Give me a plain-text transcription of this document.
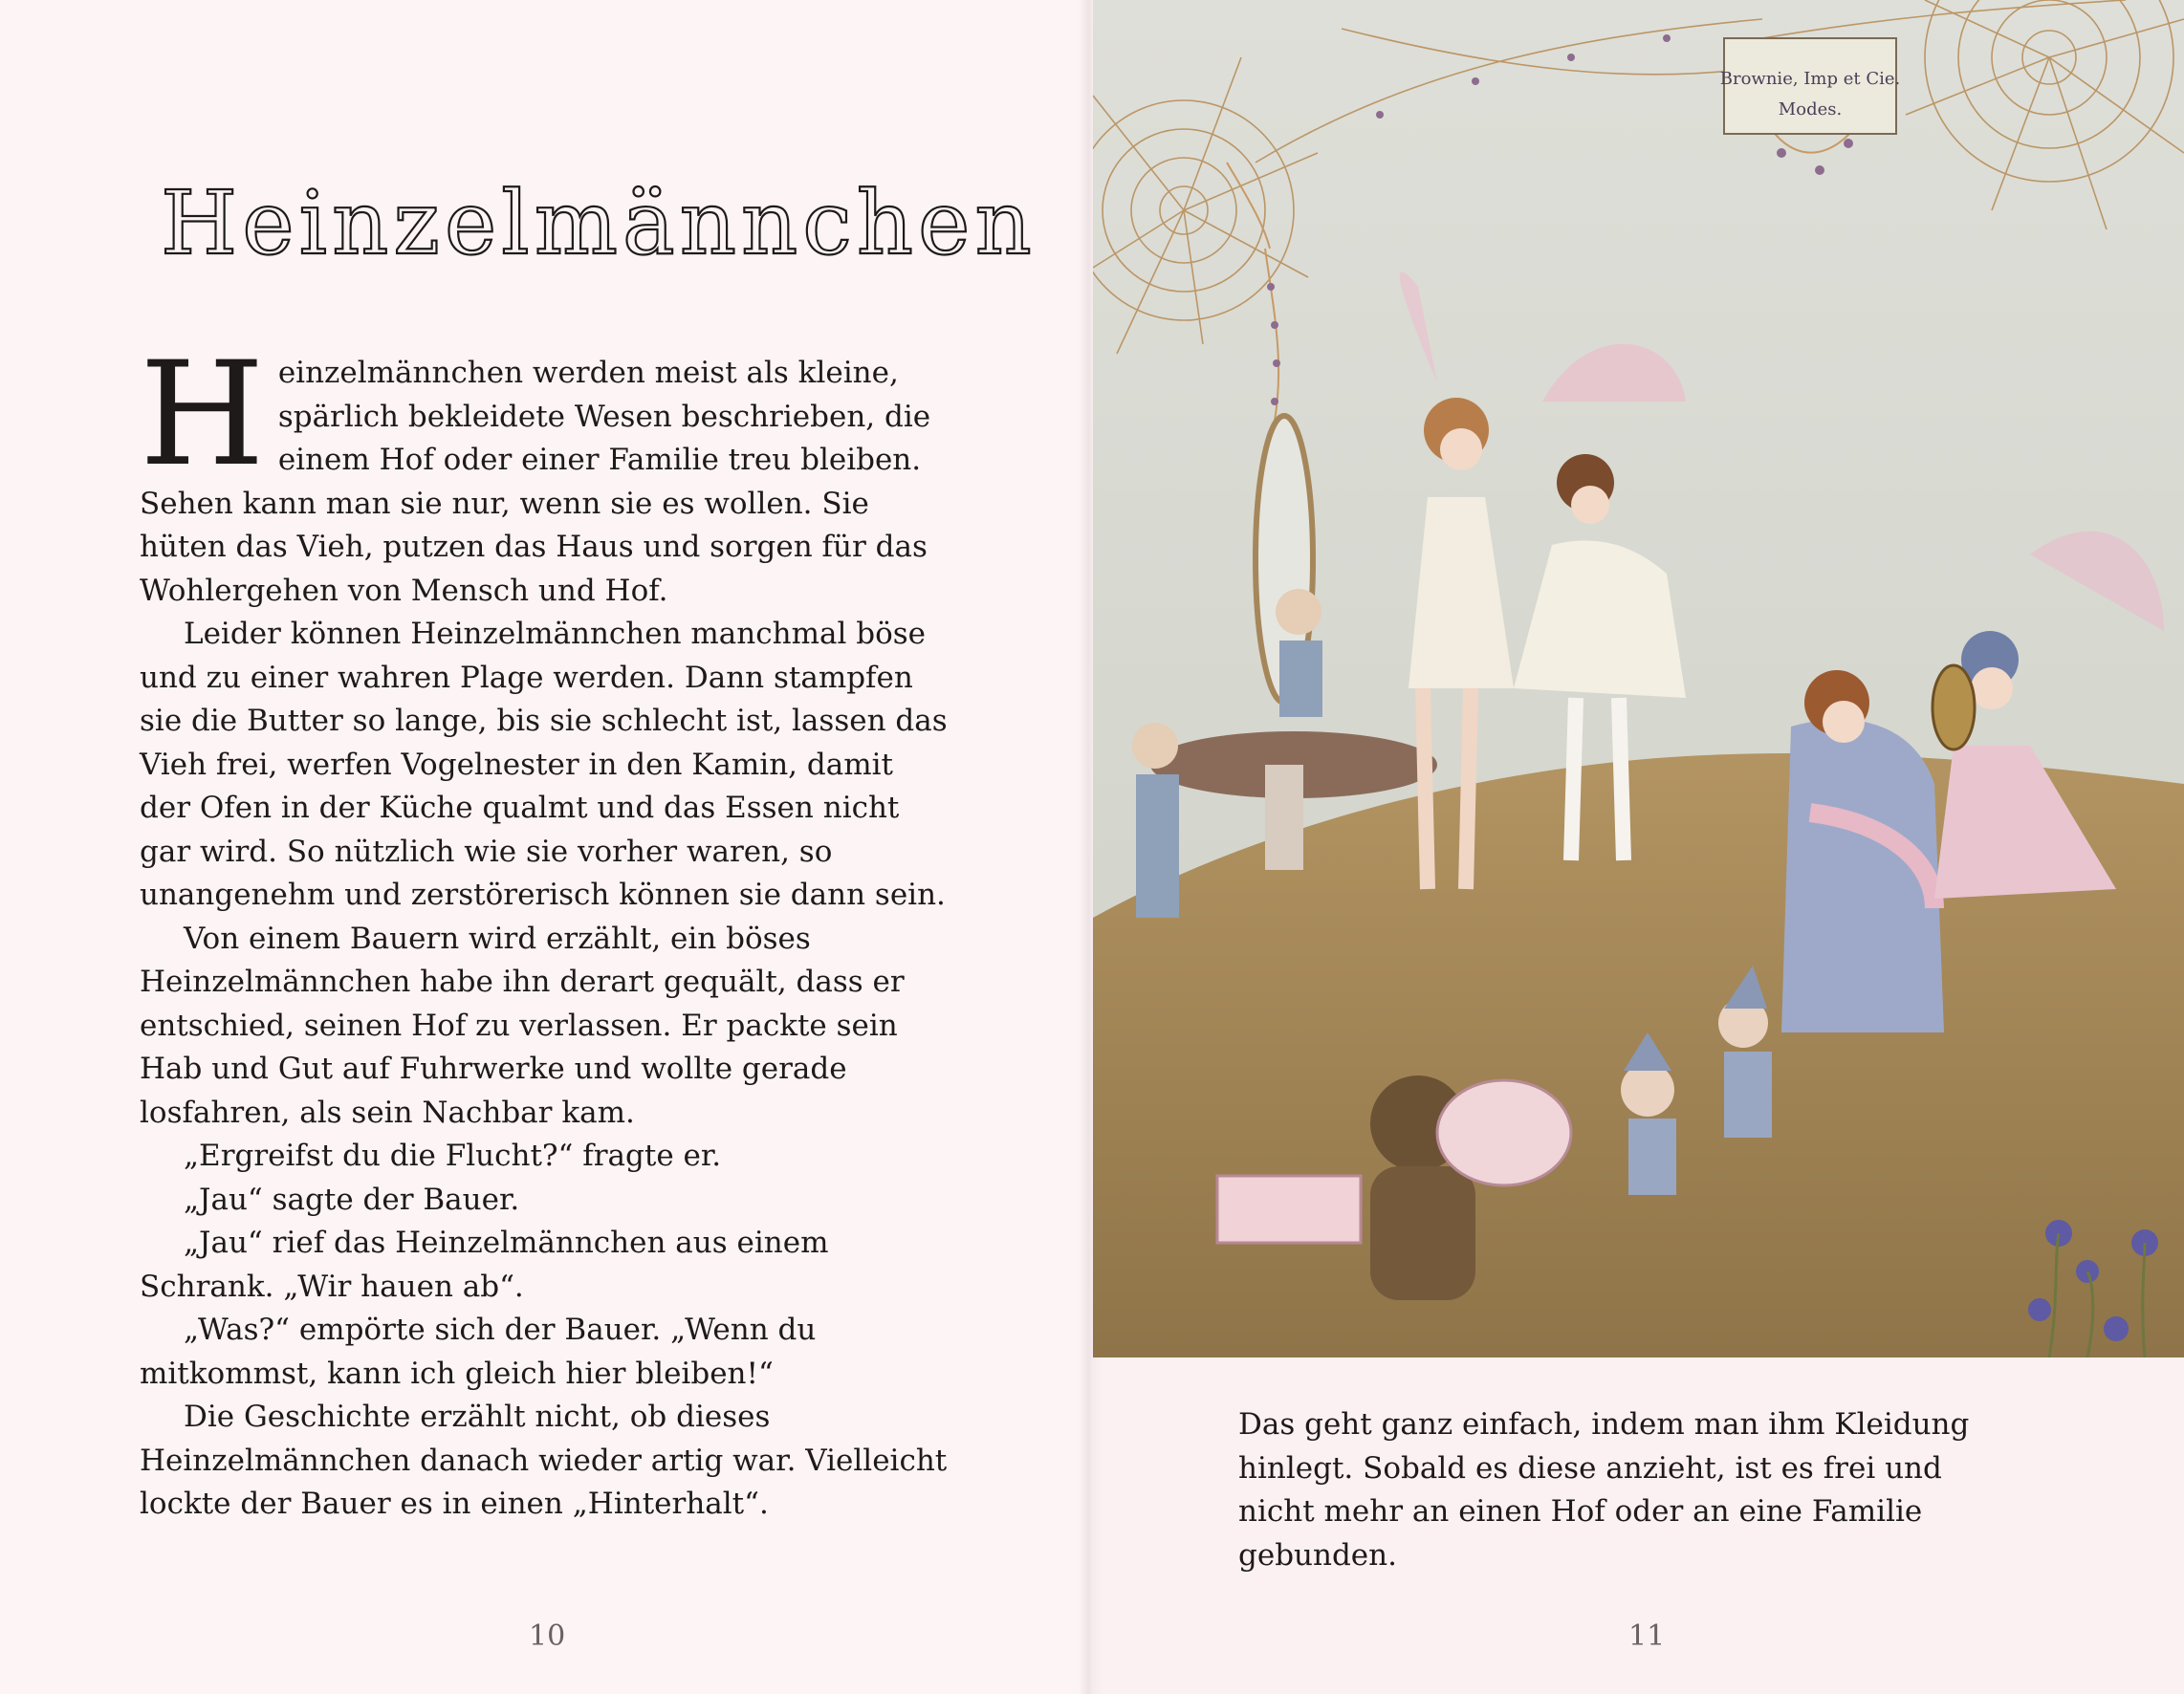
Heinzelmännchen

Heinzelmännchen werden meist als kleine, spärlich bekleidete Wesen beschrieben, die einem Hof oder einer Familie treu bleiben. Sehen kann man sie nur, wenn sie es wollen. Sie hüten das Vieh, putzen das Haus und sorgen für das Wohlergehen von Mensch und Hof.

Leider können Heinzelmännchen manchmal böse und zu einer wahren Plage werden. Dann stampfen sie die Butter so lange, bis sie schlecht ist, lassen das Vieh frei, werfen Vogelnester in den Kamin, damit der Ofen in der Küche qualmt und das Essen nicht gar wird. So nützlich wie sie vorher waren, so unangenehm und zerstörerisch können sie dann sein.

Von einem Bauern wird erzählt, ein böses Heinzelmännchen habe ihn derart gequält, dass er entschied, seinen Hof zu verlassen. Er packte sein Hab und Gut auf Fuhrwerke und wollte gerade losfahren, als sein Nachbar kam.

„Ergreifst du die Flucht?“ fragte er.

„Jau“ sagte der Bauer.

„Jau“ rief das Heinzelmännchen aus einem Schrank. „Wir hauen ab“.

„Was?“ empörte sich der Bauer. „Wenn du mitkommst, kann ich gleich hier bleiben!“

Die Geschichte erzählt nicht, ob dieses Heinzelmännchen danach wieder artig war. Vielleicht lockte der Bauer es in einen „Hinterhalt“.

10	11
Brownie, Imp et Cie.
Modes.
Das geht ganz einfach, indem man ihm Kleidung hinlegt. Sobald es diese anzieht, ist es frei und nicht mehr an einen Hof oder an eine Familie gebunden.
